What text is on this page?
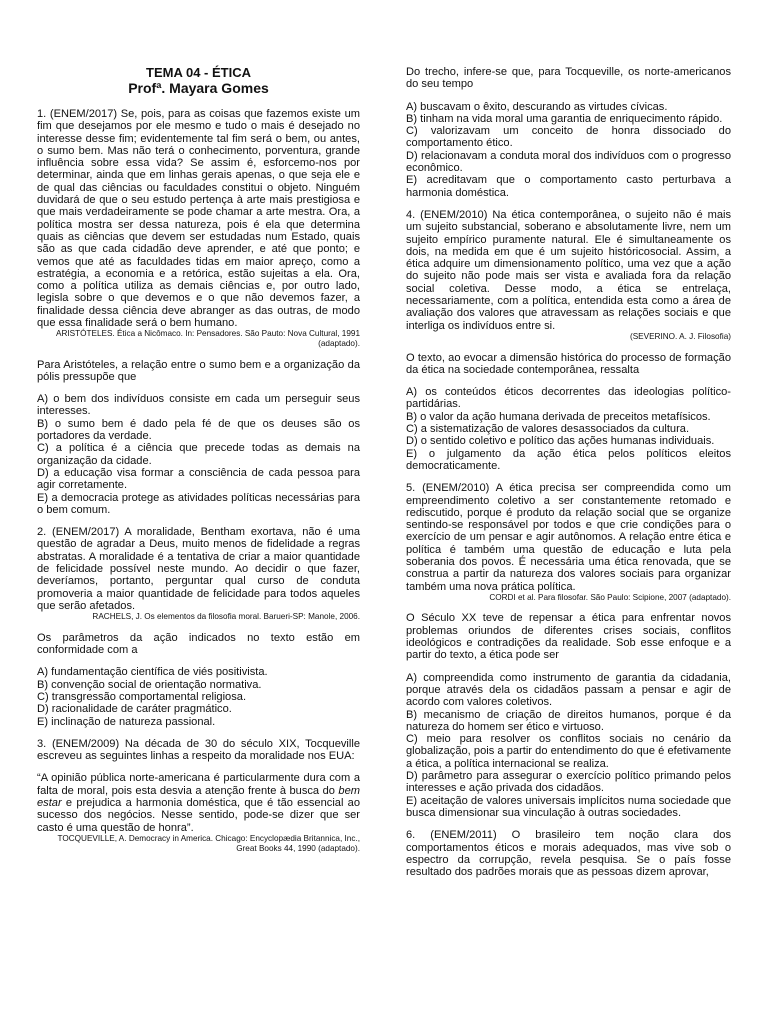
TEMA 04 - ÉTICA

Profª. Mayara Gomes

1. (ENEM/2017) Se, pois, para as coisas que fazemos existe um fim que desejamos por ele mesmo e tudo o mais é desejado no interesse desse fim; evidentemente tal fim será o bem, ou antes, o sumo bem. Mas não terá o conhecimento, porventura, grande influência sobre essa vida? Se assim é, esforcemo-nos por determinar, ainda que em linhas gerais apenas, o que seja ele e de qual das ciências ou faculdades constitui o objeto. Ninguém duvidará de que o seu estudo pertença à arte mais prestigiosa e que mais verdadeiramente se pode chamar a arte mestra. Ora, a política mostra ser dessa natureza, pois é ela que determina quais as ciências que devem ser estudadas num Estado, quais são as que cada cidadão deve aprender, e até que ponto; e vemos que até as faculdades tidas em maior apreço, como a estratégia, a economia e a retórica, estão sujeitas a ela. Ora, como a política utiliza as demais ciências e, por outro lado, legisla sobre o que devemos e o que não devemos fazer, a finalidade dessa ciência deve abranger as das outras, de modo que essa finalidade será o bem humano.

ARISTÓTELES. Ética a Nicômaco. In: Pensadores. São Pauto: Nova Cultural, 1991 (adaptado).

Para Aristóteles, a relação entre o sumo bem e a organização da pólis pressupõe que

A) o bem dos indivíduos consiste em cada um perseguir seus interesses.

B) o sumo bem é dado pela fé de que os deuses são os portadores da verdade.

C) a política é a ciência que precede todas as demais na organização da cidade.

D) a educação visa formar a consciência de cada pessoa para agir corretamente.

E) a democracia protege as atividades políticas necessárias para o bem comum.

2. (ENEM/2017) A moralidade, Bentham exortava, não é uma questão de agradar a Deus, muito menos de fidelidade a regras abstratas. A moralidade é a tentativa de criar a maior quantidade de felicidade possível neste mundo. Ao decidir o que fazer, deveríamos, portanto, perguntar qual curso de conduta promoveria a maior quantidade de felicidade para todos aqueles que serão afetados.

RACHELS, J. Os elementos da filosofia moral. Barueri-SP: Manole, 2006.

Os parâmetros da ação indicados no texto estão em conformidade com a

A) fundamentação científica de viés positivista.

B) convenção social de orientação normativa.

C) transgressão comportamental religiosa.

D) racionalidade de caráter pragmático.

E) inclinação de natureza passional.

3. (ENEM/2009) Na década de 30 do século XIX, Tocqueville escreveu as seguintes linhas a respeito da moralidade nos EUA:

“A opinião pública norte-americana é particularmente dura com a falta de moral, pois esta desvia a atenção frente à busca do bem estar e prejudica a harmonia doméstica, que é tão essencial ao sucesso dos negócios. Nesse sentido, pode-se dizer que ser casto é uma questão de honra”.

TOCQUEVILLE, A. Democracy in America. Chicago: Encyclopædia Britannica, Inc., Great Books 44, 1990 (adaptado).

Do trecho, infere-se que, para Tocqueville, os norte-americanos do seu tempo

A) buscavam o êxito, descurando as virtudes cívicas.

B) tinham na vida moral uma garantia de enriquecimento rápido.

C) valorizavam um conceito de honra dissociado do comportamento ético.

D) relacionavam a conduta moral dos indivíduos com o progresso econômico.

E) acreditavam que o comportamento casto perturbava a harmonia doméstica.

4. (ENEM/2010) Na ética contemporânea, o sujeito não é mais um sujeito substancial, soberano e absolutamente livre, nem um sujeito empírico puramente natural. Ele é simultaneamente os dois, na medida em que é um sujeito históricosocial. Assim, a ética adquire um dimensionamento político, uma vez que a ação do sujeito não pode mais ser vista e avaliada fora da relação social coletiva. Desse modo, a ética se entrelaça, necessariamente, com a política, entendida esta como a área de avaliação dos valores que atravessam as relações sociais e que interliga os indivíduos entre si.

(SEVERINO. A. J. Filosofia)

O texto, ao evocar a dimensão histórica do processo de formação da ética na sociedade contemporânea, ressalta

A) os conteúdos éticos decorrentes das ideologias político-partidárias.

B) o valor da ação humana derivada de preceitos metafísicos.

C) a sistematização de valores desassociados da cultura.

D) o sentido coletivo e político das ações humanas individuais.

E) o julgamento da ação ética pelos políticos eleitos democraticamente.

5. (ENEM/2010) A ética precisa ser compreendida como um empreendimento coletivo a ser constantemente retomado e rediscutido, porque é produto da relação social que se organize sentindo-se responsável por todos e que crie condições para o exercício de um pensar e agir autônomos. A relação entre ética e política é também uma questão de educação e luta pela soberania dos povos. É necessária uma ética renovada, que se construa a partir da natureza dos valores sociais para organizar também uma nova prática política.

CORDI et al. Para filosofar. São Paulo: Scipione, 2007 (adaptado).

O Século XX teve de repensar a ética para enfrentar novos problemas oriundos de diferentes crises sociais, conflitos ideológicos e contradições da realidade. Sob esse enfoque e a partir do texto, a ética pode ser

A) compreendida como instrumento de garantia da cidadania, porque através dela os cidadãos passam a pensar e agir de acordo com valores coletivos.

B) mecanismo de criação de direitos humanos, porque é da natureza do homem ser ético e virtuoso.

C) meio para resolver os conflitos sociais no cenário da globalização, pois a partir do entendimento do que é efetivamente a ética, a política internacional se realiza.

D) parâmetro para assegurar o exercício político primando pelos interesses e ação privada dos cidadãos.

E) aceitação de valores universais implícitos numa sociedade que busca dimensionar sua vinculação à outras sociedades.

6. (ENEM/2011) O brasileiro tem noção clara dos comportamentos éticos e morais adequados, mas vive sob o espectro da corrupção, revela pesquisa. Se o país fosse resultado dos padrões morais que as pessoas dizem aprovar,
